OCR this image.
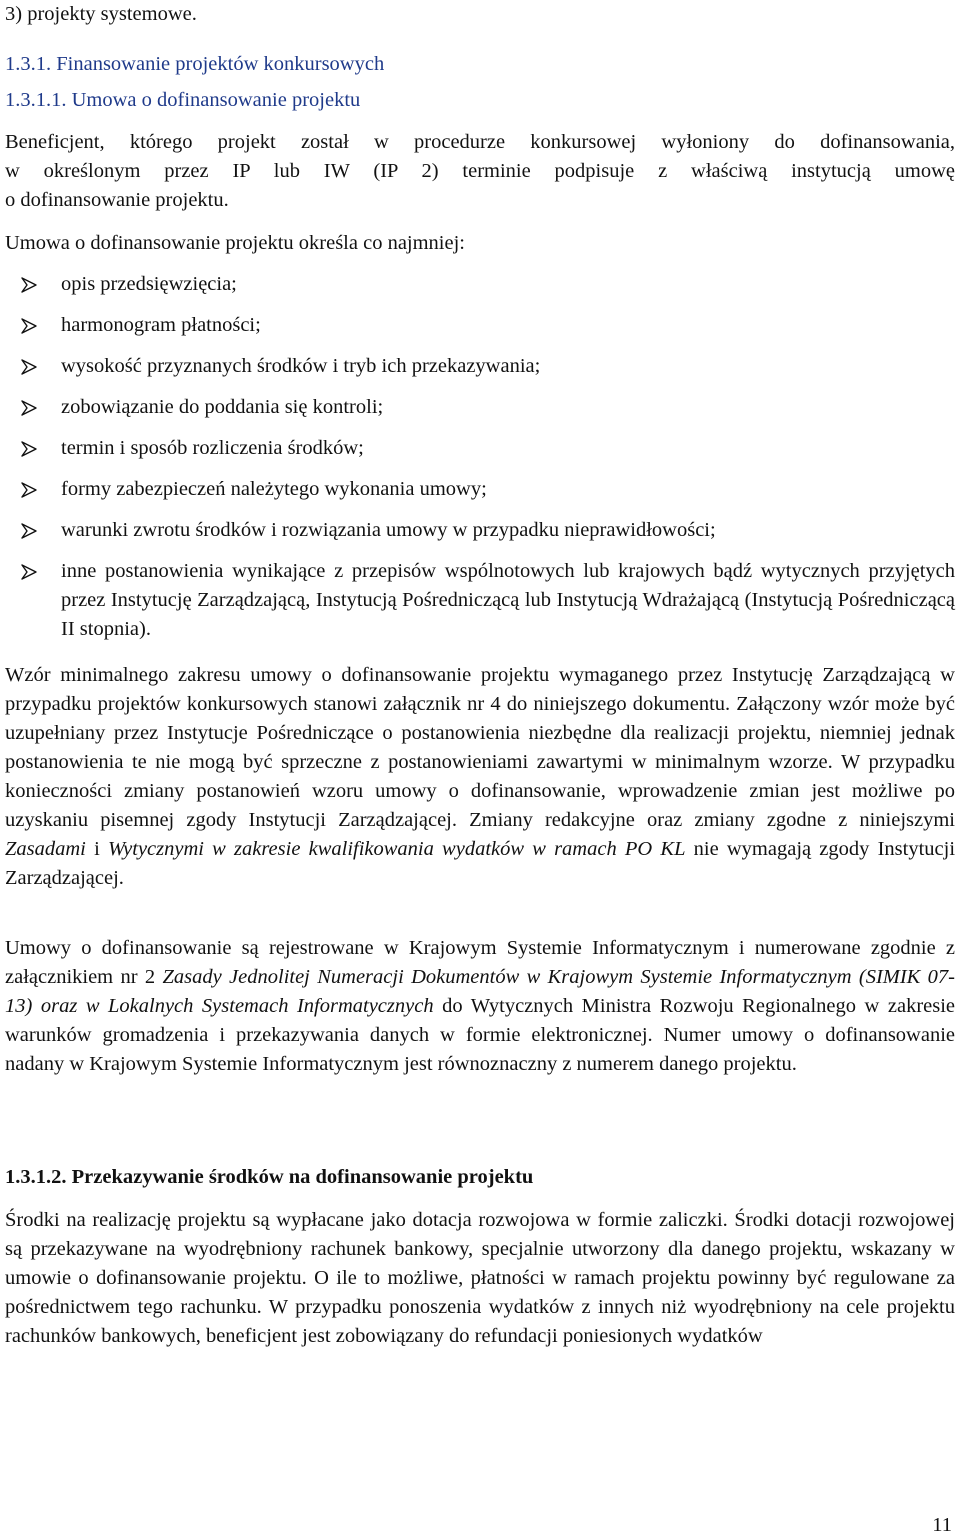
3) projekty systemowe.

1.3.1. Finansowanie projektów konkursowych

1.3.1.1. Umowa o dofinansowanie projektu

Beneficjent, którego projekt został w procedurze konkursowej wyłoniony do dofinansowania,

w określonym przez IP lub IW (IP 2) terminie podpisuje z właściwą instytucją umowę

o dofinansowanie projektu.

Umowa o dofinansowanie projektu określa co najmniej:

opis przedsięwzięcia;
harmonogram płatności;
wysokość przyznanych środków i tryb ich przekazywania;
zobowiązanie do poddania się kontroli;
termin i sposób rozliczenia środków;
formy zabezpieczeń należytego wykonania umowy;
warunki zwrotu środków i rozwiązania umowy w przypadku nieprawidłowości;
inne postanowienia wynikające z przepisów wspólnotowych lub krajowych bądź wytycznych przyjętych przez Instytucję Zarządzającą, Instytucją Pośredniczącą lub Instytucją Wdrażającą (Instytucją Pośredniczącą II stopnia).

Wzór minimalnego zakresu umowy o dofinansowanie projektu wymaganego przez Instytucję Zarządzającą w przypadku projektów konkursowych stanowi załącznik nr 4 do niniejszego dokumentu. Załączony wzór może być uzupełniany przez Instytucje Pośredniczące o postanowienia niezbędne dla realizacji projektu, niemniej jednak postanowienia te nie mogą być sprzeczne z postanowieniami zawartymi w minimalnym wzorze. W przypadku konieczności zmiany postanowień wzoru umowy o dofinansowanie, wprowadzenie zmian jest możliwe po uzyskaniu pisemnej zgody Instytucji Zarządzającej. Zmiany redakcyjne oraz zmiany zgodne z niniejszymi Zasadami i Wytycznymi w zakresie kwalifikowania wydatków w ramach PO KL nie wymagają zgody Instytucji Zarządzającej.

Umowy o dofinansowanie są rejestrowane w Krajowym Systemie Informatycznym i numerowane zgodnie z załącznikiem nr 2 Zasady Jednolitej Numeracji Dokumentów w Krajowym Systemie Informatycznym (SIMIK 07-13) oraz w Lokalnych Systemach Informatycznych do Wytycznych Ministra Rozwoju Regionalnego w zakresie warunków gromadzenia i przekazywania danych w formie elektronicznej. Numer umowy o dofinansowanie nadany w Krajowym Systemie Informatycznym jest równoznaczny z numerem danego projektu.

1.3.1.2. Przekazywanie środków na dofinansowanie projektu

Środki na realizację projektu są wypłacane jako dotacja rozwojowa w formie zaliczki. Środki dotacji rozwojowej są przekazywane na wyodrębniony rachunek bankowy, specjalnie utworzony dla danego projektu, wskazany w umowie o dofinansowanie projektu. O ile to możliwe, płatności w ramach projektu powinny być regulowane za pośrednictwem tego rachunku. W przypadku ponoszenia wydatków z innych niż wyodrębniony na cele projektu rachunków bankowych, beneficjent jest zobowiązany do refundacji poniesionych wydatków

11
